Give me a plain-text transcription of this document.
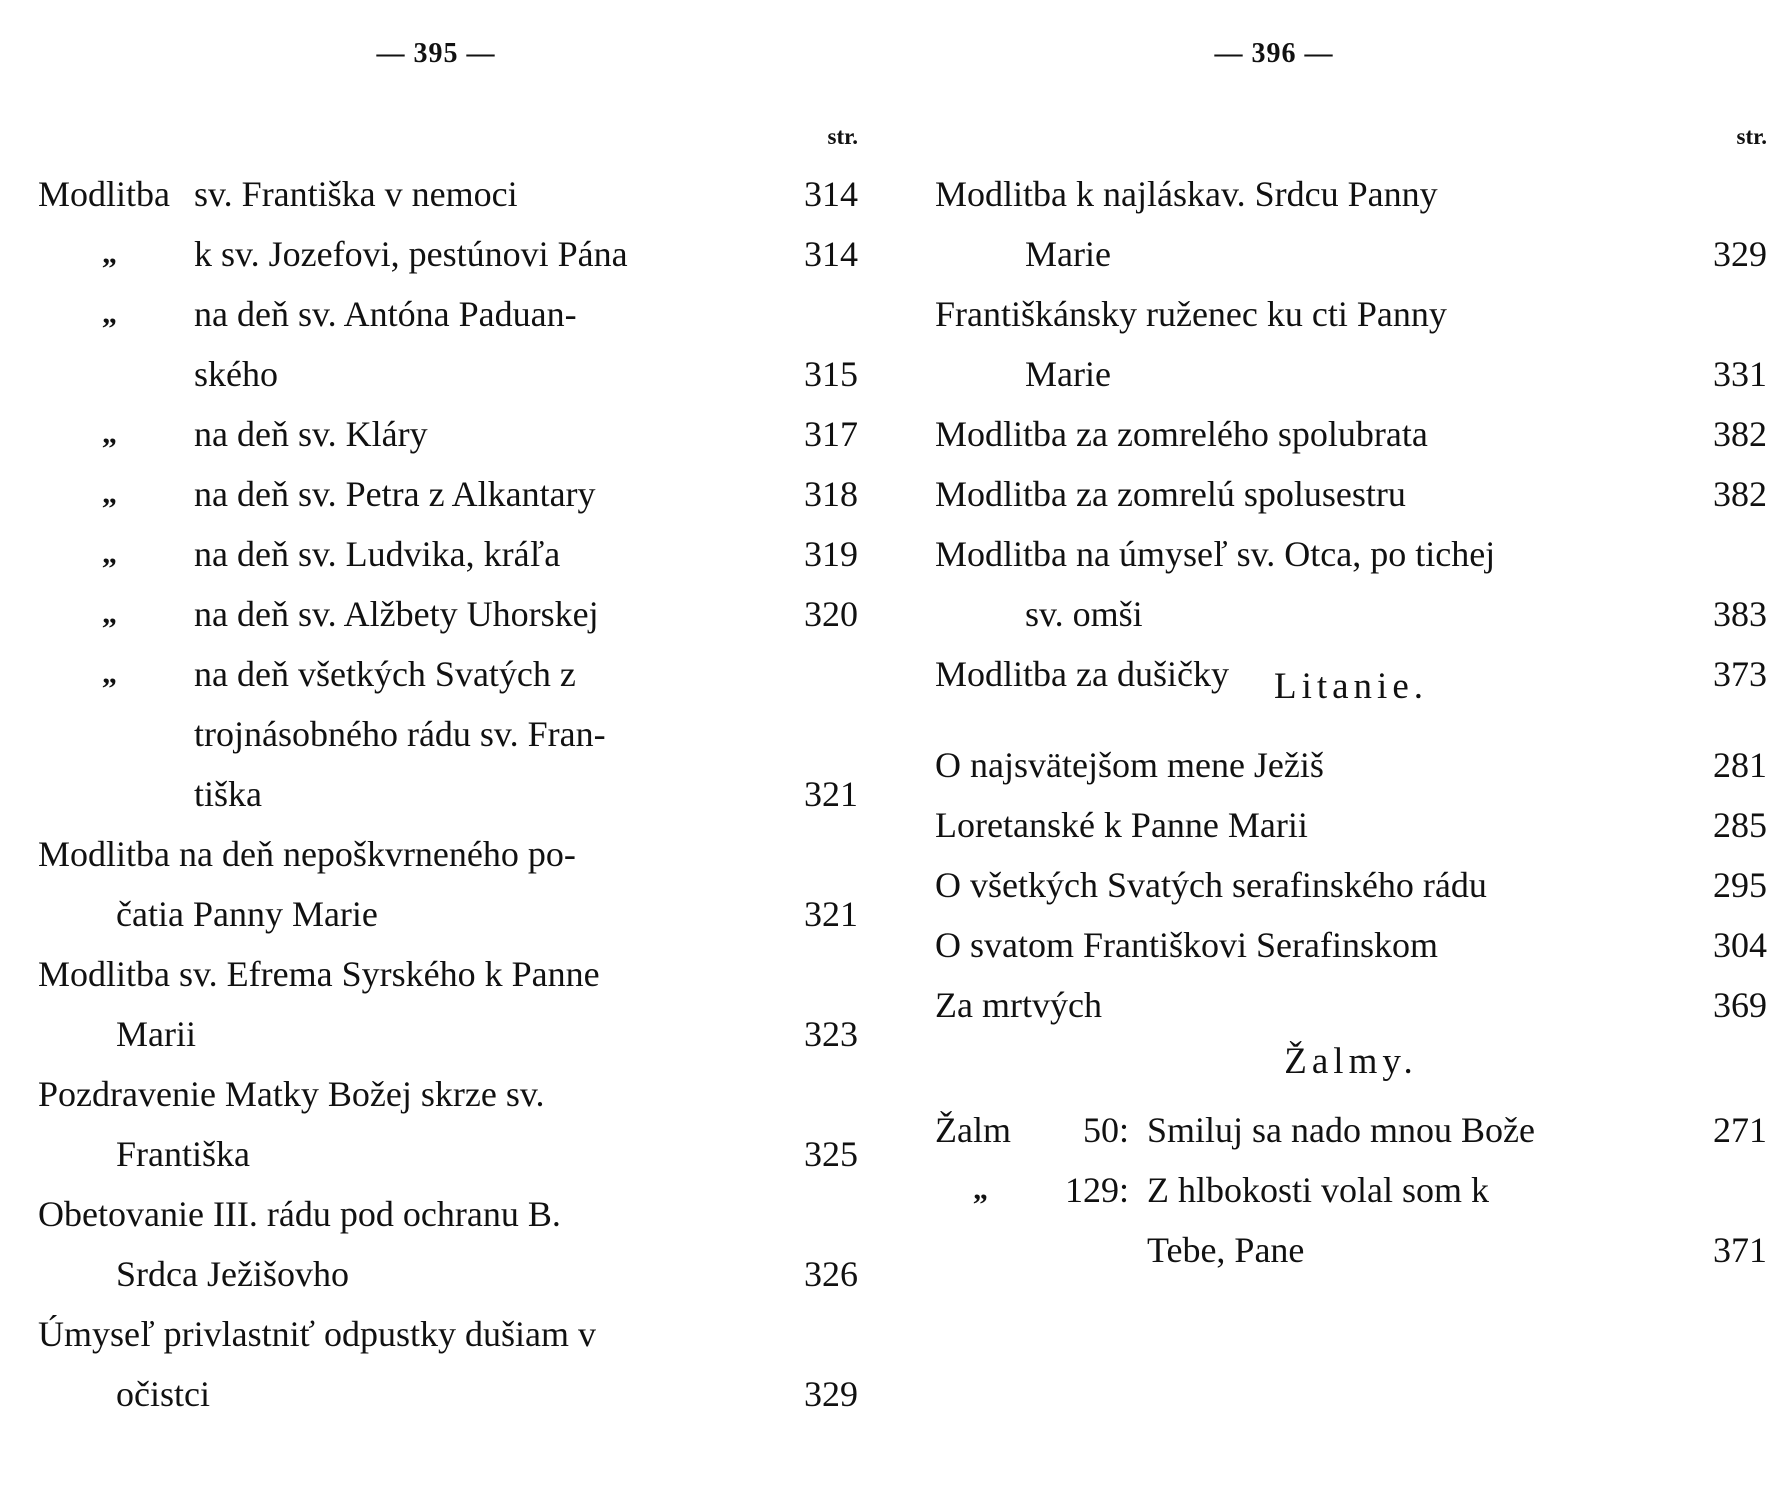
— 395 —
str.
Modlitba sv. Františka v nemoci	314
„ k sv. Jozefovi, pestúnovi Pána	314
„ na deň sv. Antóna Paduan-
ského	315
„ na deň sv. Kláry	317
„ na deň sv. Petra z Alkantary	318
„ na deň sv. Ludvika, kráľa	319
„ na deň sv. Alžbety Uhorskej	320
„ na deň všetkých Svatých z
trojnásobného rádu sv. Fran-
tiška	321
Modlitba na deň nepoškvrneného po-
čatia Panny Marie	321
Modlitba sv. Efrema Syrského k Panne
Marii	323
Pozdravenie Matky Božej skrze sv.
Františka	325
Obetovanie III. rádu pod ochranu B.
Srdca Ježišovho	326
Úmyseľ privlastniť odpustky dušiam v
očistci	329
— 396 —
str.
Modlitba k najláskav. Srdcu Panny
Marie	329
Františkánsky ruženec ku cti Panny
Marie	331
Modlitba za zomrelého spolubrata	382
Modlitba za zomrelú spolusestru	382
Modlitba na úmyseľ sv. Otca, po tichej
sv. omši	383
Modlitba za dušičky	373
Litanie.
O najsvätejšom mene Ježiš	281
Loretanské k Panne Marii	285
O všetkých Svatých serafinského rádu	295
O svatom Františkovi Serafinskom	304
Za mrtvých	369
Žalmy.
Žalm	50: Smiluj sa nado mnou Bože	271
„	129: Z hlbokosti volal som k
Tebe, Pane	371
